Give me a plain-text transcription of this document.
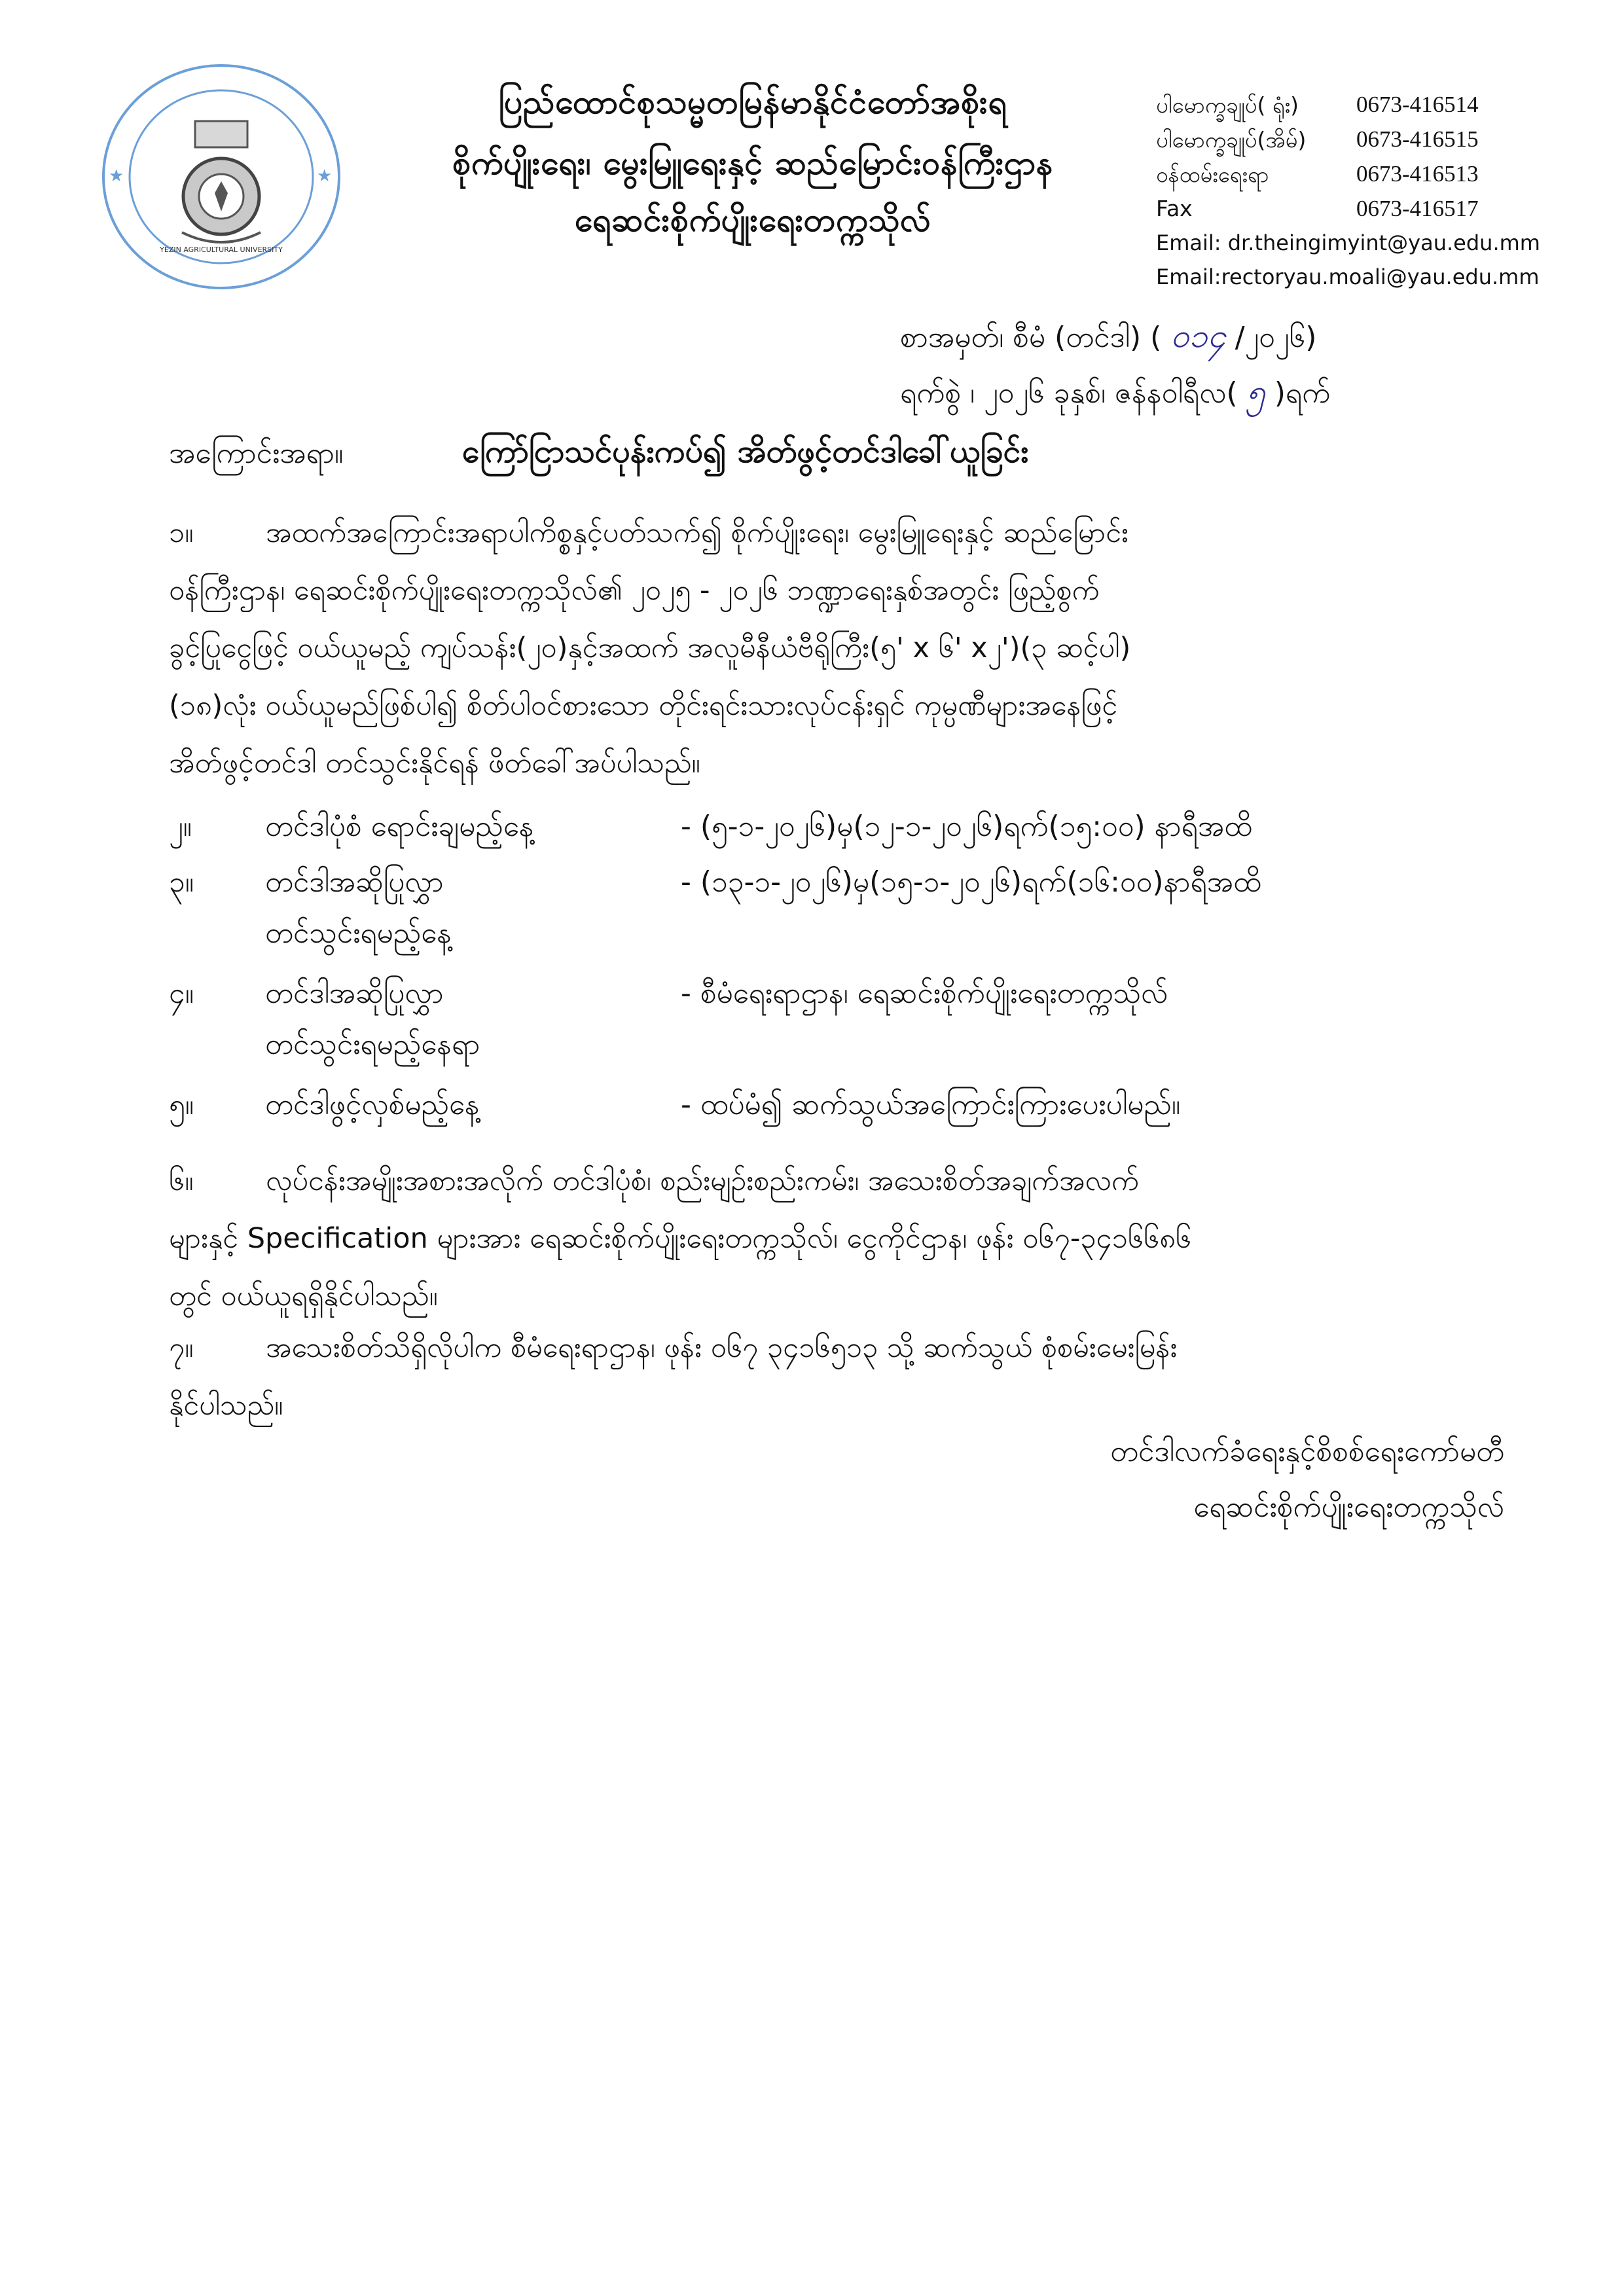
★	★
YEZIN AGRICULTURAL UNIVERSITY
ပြည်ထောင်စုသမ္မတမြန်မာနိုင်ငံတော်အစိုးရ
စိုက်ပျိုးရေး၊ မွေးမြူရေးနှင့် ဆည်မြောင်းဝန်ကြီးဌာန
ရေဆင်းစိုက်ပျိုးရေးတက္ကသိုလ်
ပါမောက္ခချုပ်( ရုံး)	0673-416514
ပါမောက္ခချုပ်(အိမ်) 0673-416515
ဝန်ထမ်းရေးရာ	0673-416513
Fax	0673-416517
Email: dr.theingimyint@yau.edu.mm
Email:rectoryau.moali@yau.edu.mm
စာအမှတ်၊ စီမံ (တင်ဒါ) ( ၀၁၄ /၂၀၂၆)
ရက်စွဲ ၊ ၂၀၂၆ ခုနှစ်၊ ဇန်နဝါရီလ( ၅ )ရက်
အကြောင်းအရာ။	ကြော်ငြာသင်ပုန်းကပ်၍ အိတ်ဖွင့်တင်ဒါခေါ်ယူခြင်း
၁။	အထက်အကြောင်းအရာပါကိစ္စနှင့်ပတ်သက်၍ စိုက်ပျိုးရေး၊ မွေးမြူရေးနှင့် ဆည်မြောင်း
ဝန်ကြီးဌာန၊ ရေဆင်းစိုက်ပျိုးရေးတက္ကသိုလ်၏ ၂၀၂၅ - ၂၀၂၆ ဘဏ္ဍာရေးနှစ်အတွင်း ဖြည့်စွက်
ခွင့်ပြုငွေဖြင့် ဝယ်ယူမည့် ကျပ်သန်း(၂၀)နှင့်အထက် အလူမီနီယံဗီရိုကြီး(၅' x ၆' x၂')(၃ ဆင့်ပါ)
(၁၈)လုံး ဝယ်ယူမည်ဖြစ်ပါ၍ စိတ်ပါဝင်စားသော တိုင်းရင်းသားလုပ်ငန်းရှင် ကုမ္ပဏီများအနေဖြင့်
အိတ်ဖွင့်တင်ဒါ တင်သွင်းနိုင်ရန် ဖိတ်ခေါ်အပ်ပါသည်။
၂။	တင်ဒါပုံစံ ရောင်းချမည့်နေ့	- (၅-၁-၂၀၂၆)မှ(၁၂-၁-၂၀၂၆)ရက်(၁၅:၀၀) နာရီအထိ
၃။ တင်ဒါအဆိုပြုလွှာ	- (၁၃-၁-၂၀၂၆)မှ(၁၅-၁-၂၀၂၆)ရက်(၁၆:၀၀)နာရီအထိ
တင်သွင်းရမည့်နေ့
၄။ တင်ဒါအဆိုပြုလွှာ	- စီမံရေးရာဌာန၊ ရေဆင်းစိုက်ပျိုးရေးတက္ကသိုလ်
တင်သွင်းရမည့်နေရာ
၅။ တင်ဒါဖွင့်လှစ်မည့်နေ့	- ထပ်မံ၍ ဆက်သွယ်အကြောင်းကြားပေးပါမည်။
၆။	လုပ်ငန်းအမျိုးအစားအလိုက် တင်ဒါပုံစံ၊ စည်းမျဉ်းစည်းကမ်း၊ အသေးစိတ်အချက်အလက်
များနှင့် Specification များအား ရေဆင်းစိုက်ပျိုးရေးတက္ကသိုလ်၊ ငွေကိုင်ဌာန၊ ဖုန်း ၀၆၇-၃၄၁၆၆၈၆
တွင် ဝယ်ယူရရှိနိုင်ပါသည်။
၇။	အသေးစိတ်သိရှိလိုပါက စီမံရေးရာဌာန၊ ဖုန်း ၀၆၇ ၃၄၁၆၅၁၃ သို့ ဆက်သွယ် စုံစမ်းမေးမြန်း
နိုင်ပါသည်။
တင်ဒါလက်ခံရေးနှင့်စိစစ်ရေးကော်မတီ
ရေဆင်းစိုက်ပျိုးရေးတက္ကသိုလ်
